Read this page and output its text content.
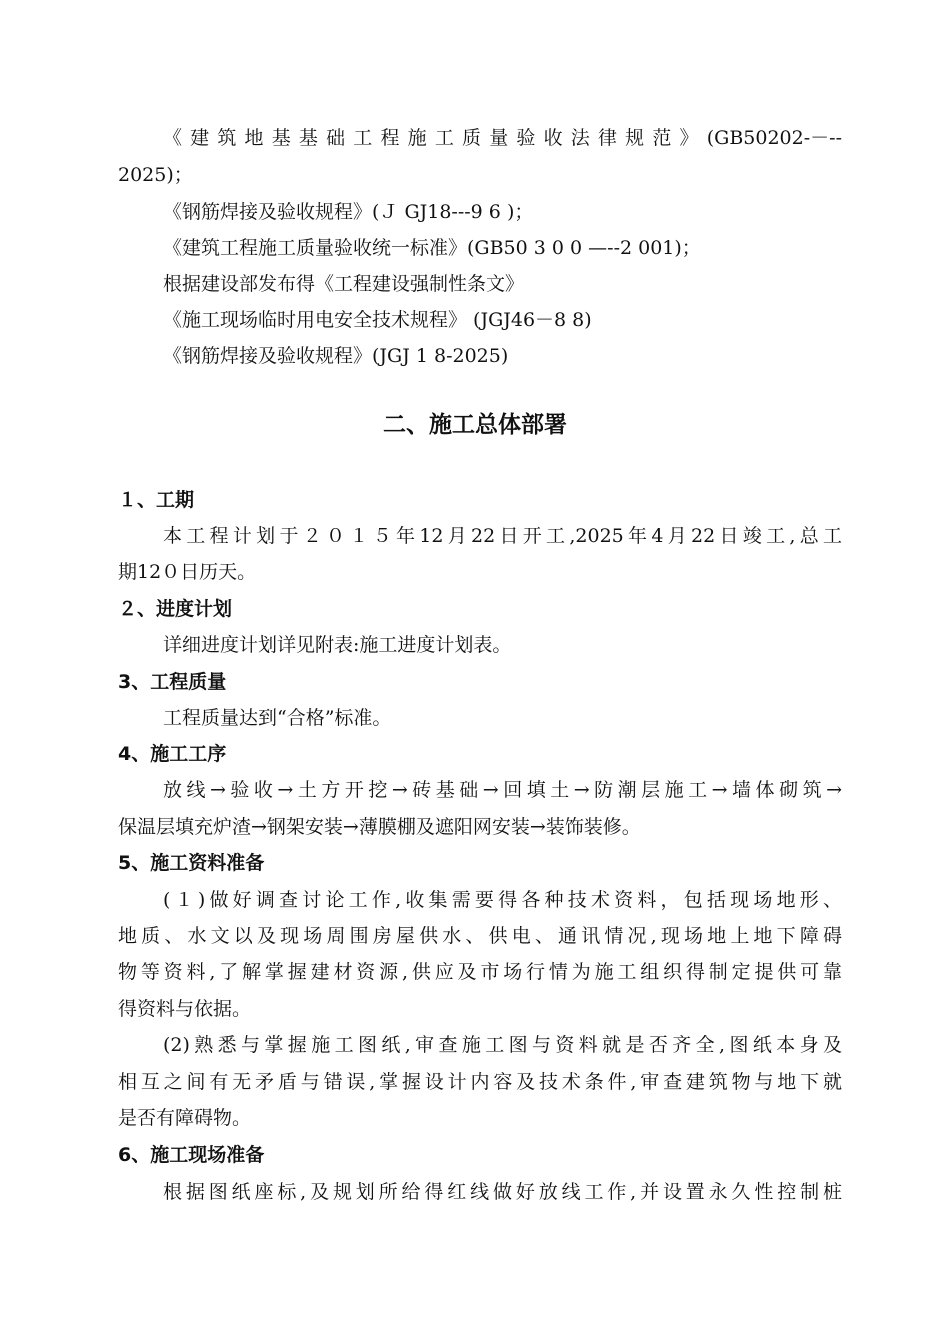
《建筑地基基础工程施工质量验收法律规范》(GB50202-－--
2025)；
《钢筋焊接及验收规程》(Ｊ GJ18---9 6 )；
《建筑工程施工质量验收统一标准》(GB50 3 0 0 —--2 001)；
根据建设部发布得《工程建设强制性条文》
《施工现场临时用电安全技术规程》 (JGJ46－8 8)
《钢筋焊接及验收规程》(JGJ 1 8-2025)
二、施工总体部署
１、工期
本工程计划于２０１５年12月22日开工,2025年4月22日竣工,总工
期12０日历天。
２、进度计划
详细进度计划详见附表:施工进度计划表。
3、工程质量
工程质量达到“合格”标准。
4、施工工序
放线→验收→土方开挖→砖基础→回填土→防潮层施工→墙体砌筑→
保温层填充炉渣→钢架安装→薄膜棚及遮阳网安装→装饰装修。
5、施工资料准备
(１)做好调查讨论工作,收集需要得各种技术资料，包括现场地形、
地质、水文以及现场周围房屋供水、供电、通讯情况,现场地上地下障碍
物等资料,了解掌握建材资源,供应及市场行情为施工组织得制定提供可靠
得资料与依据。
(2)熟悉与掌握施工图纸,审查施工图与资料就是否齐全,图纸本身及
相互之间有无矛盾与错误,掌握设计内容及技术条件,审查建筑物与地下就
是否有障碍物。
6、施工现场准备
根据图纸座标,及规划所给得红线做好放线工作,并设置永久性控制桩
